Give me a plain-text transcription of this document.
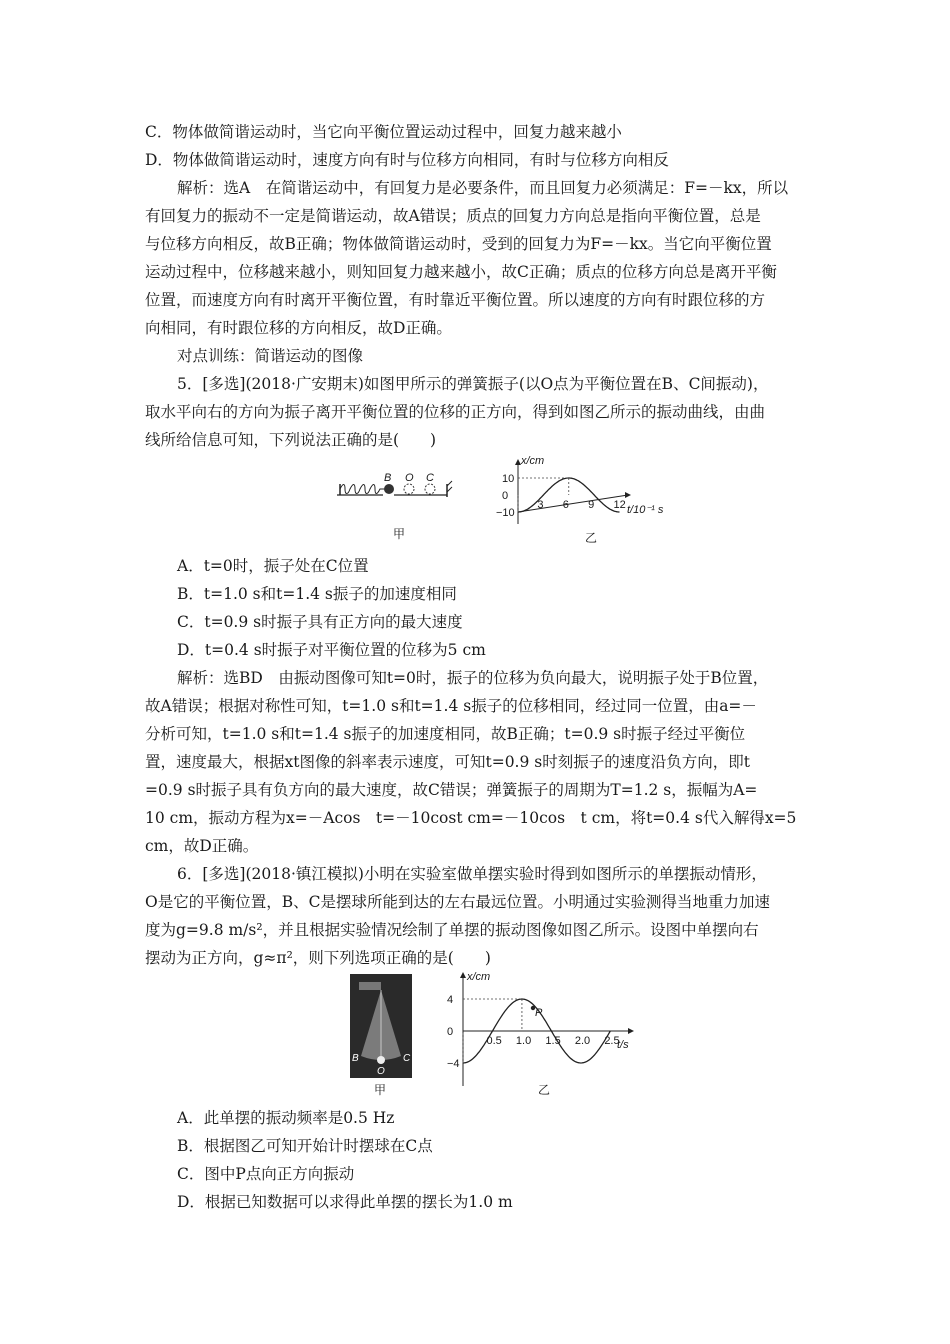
C．物体做简谐运动时，当它向平衡位置运动过程中，回复力越来越小
D．物体做简谐运动时，速度方向有时与位移方向相同，有时与位移方向相反
解析：选A　在简谐运动中，有回复力是必要条件，而且回复力必须满足：F=－kx，所以
有回复力的振动不一定是简谐运动，故A错误；质点的回复力方向总是指向平衡位置，总是
与位移方向相反，故B正确；物体做简谐运动时，受到的回复力为F=－kx。当它向平衡位置
运动过程中，位移越来越小，则知回复力越来越小，故C正确；质点的位移方向总是离开平衡
位置，而速度方向有时离开平衡位置，有时靠近平衡位置。所以速度的方向有时跟位移的方
向相同，有时跟位移的方向相反，故D正确。
对点训练：简谐运动的图像
5．[多选](2018·广安期末)如图甲所示的弹簧振子(以O点为平衡位置在B、C间振动)，
取水平向右的方向为振子离开平衡位置的位移的正方向，得到如图乙所示的振动曲线，由曲
线所给信息可知，下列说法正确的是(　　)
B O C
甲
3 6 9 12
10
0
−10
x/cm
t/10⁻¹ s
乙
A．t=0时，振子处在C位置
B．t=1.0 s和t=1.4 s振子的加速度相同
C．t=0.9 s时振子具有正方向的最大速度
D．t=0.4 s时振子对平衡位置的位移为5 cm
解析：选BD　由振动图像可知t=0时，振子的位移为负向最大，说明振子处于B位置，
故A错误；根据对称性可知，t=1.0 s和t=1.4 s振子的位移相同，经过同一位置，由a=－
分析可知，t=1.0 s和t=1.4 s振子的加速度相同，故B正确；t=0.9 s时振子经过平衡位
置，速度最大，根据xt图像的斜率表示速度，可知t=0.9 s时刻振子的速度沿负方向，即t
=0.9 s时振子具有负方向的最大速度，故C错误；弹簧振子的周期为T=1.2 s，振幅为A=
10 cm，振动方程为x=－Acos　t=－10cost cm=－10cos　t cm，将t=0.4 s代入解得x=5
cm，故D正确。
6．[多选](2018·镇江模拟)小明在实验室做单摆实验时得到如图所示的单摆振动情形，
O是它的平衡位置，B、C是摆球所能到达的左右最远位置。小明通过实验测得当地重力加速
度为g=9.8 m/s²，并且根据实验情况绘制了单摆的振动图像如图乙所示。设图中单摆向右
摆动为正方向，g≈π²，则下列选项正确的是(　　)
B
O
C
甲
0.5 1.0 1.5 2.0 2.5
4
0
−4
x/cm
t/s
P
乙
A．此单摆的振动频率是0.5 Hz
B．根据图乙可知开始计时摆球在C点
C．图中P点向正方向振动
D．根据已知数据可以求得此单摆的摆长为1.0 m
